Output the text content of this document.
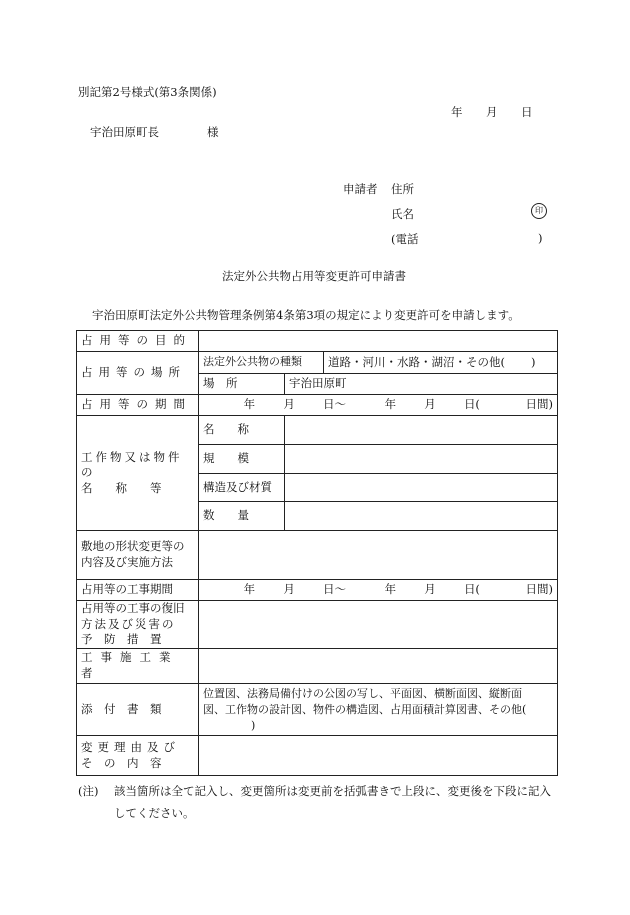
別記第2号様式(第3条関係)
年 月 日
宇治田原町長	様
申請者 住所
氏名	印
(電話	)
法定外公共物占用等変更許可申請書
宇治田原町法定外公共物管理条例第4条第3項の規定により変更許可を申請します。
占用等の目的			
占用等の場所	法定外公共物の種類		道路・河川・水路・湖沼・その他( )
	場　所	宇治田原町	
占用等の期間	年 月 日〜 年 月 日( 日間)		

工作物又は物件の
名　　称　　等	名　　称		
	規　　模		
	構造及び材質		
	数　　量		

敷地の形状変更等の
内容及び実施方法			

占用等の工事期間	年 月 日〜 年 月 日( 日間)		

占用等の工事の復旧
方法及び災害の
予　防　措　置			

工事施工業者			
添　付　書　類	位置図、法務局備付けの公図の写し、平面図、横断面図、縦断面
図、工作物の設計図、物件の構造図、占用面積計算図書、その他(
)		

変更理由及び
そ　の　内　容			

(注)	該当箇所は全て記入し、変更箇所は変更前を括弧書きで上段に、変更後を下段に記入してください。
